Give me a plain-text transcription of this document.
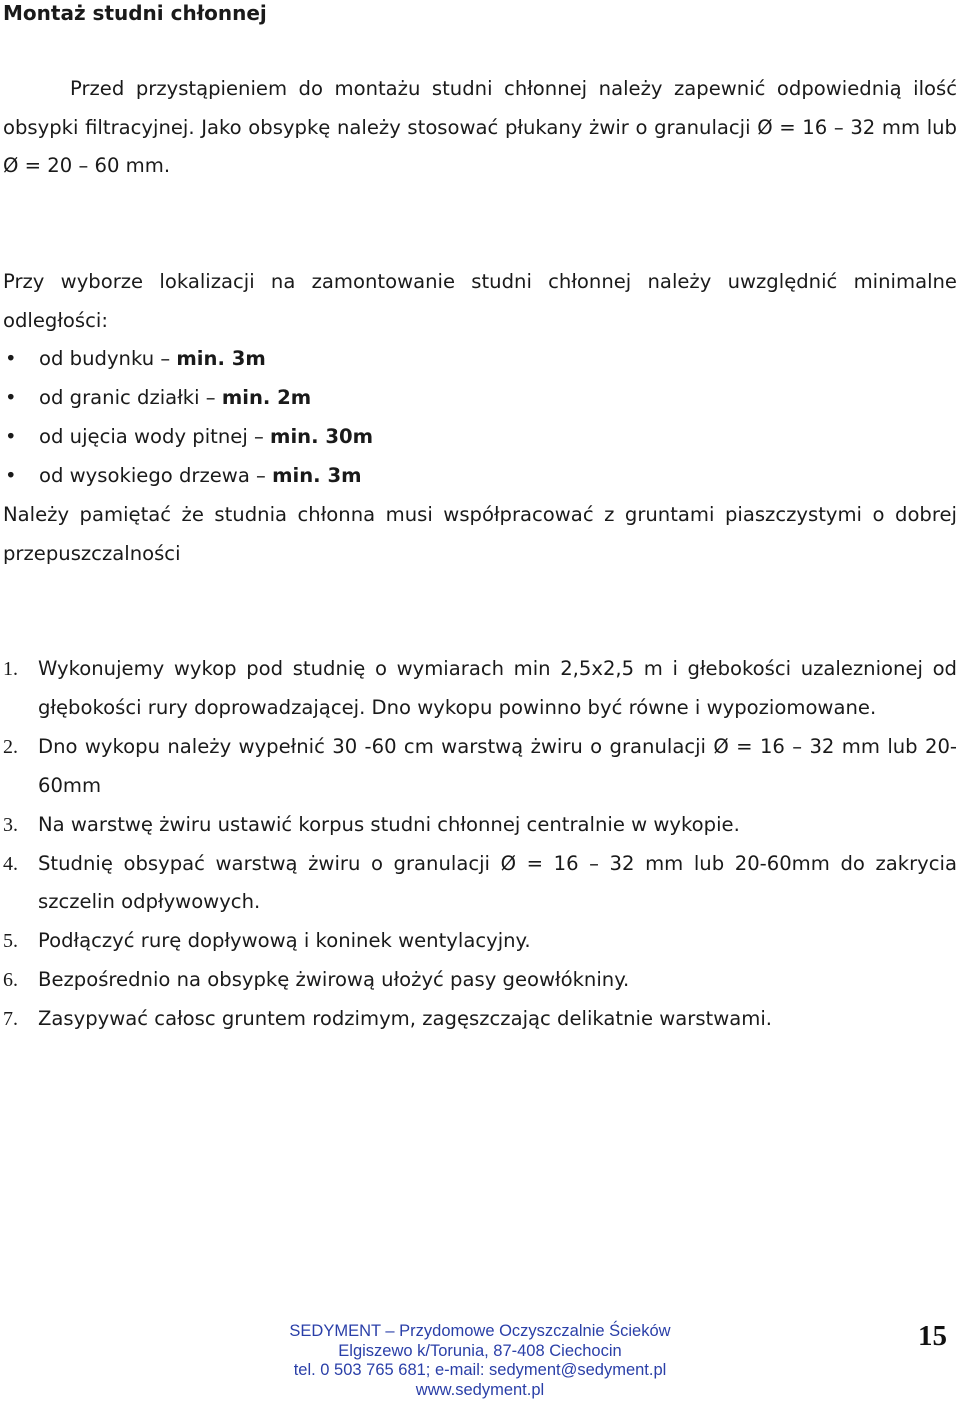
Montaż studni chłonnej
Przed przystąpieniem do montażu studni chłonnej należy zapewnić odpowiednią ilość obsypki filtracyjnej. Jako obsypkę należy stosować płukany żwir o granulacji Ø = 16 – 32 mm lub Ø = 20 – 60 mm.
Przy wyborze lokalizacji na zamontowanie studni chłonnej należy uwzględnić minimalne odległości:
• od budynku – min. 3m
• od granic działki – min. 2m
• od ujęcia wody pitnej – min. 30m
• od wysokiego drzewa – min. 3m
Należy pamiętać że studnia chłonna musi współpracować z gruntami piaszczystymi o dobrej przepuszczalności
1. Wykonujemy wykop pod studnię o wymiarach min 2,5x2,5 m i głebokości uzaleznionej od głębokości rury doprowadzającej. Dno wykopu powinno być równe i wypoziomowane.
2. Dno wykopu należy wypełnić 30 -60 cm warstwą żwiru o granulacji Ø = 16 – 32 mm lub 20-60mm
3. Na warstwę żwiru ustawić korpus studni chłonnej centralnie w wykopie.
4. Studnię obsypać warstwą żwiru o granulacji Ø = 16 – 32 mm lub 20-60mm do zakrycia szczelin odpływowych.
5. Podłączyć rurę dopływową i koninek wentylacyjny.
6. Bezpośrednio na obsypkę żwirową ułożyć pasy geowłókniny.
7. Zasypywać całosc gruntem rodzimym, zagęszczając delikatnie warstwami.
SEDYMENT – Przydomowe Oczyszczalnie Ścieków
Elgiszewo k/Torunia, 87-408 Ciechocin
tel. 0 503 765 681; e-mail: sedyment@sedyment.pl
www.sedyment.pl
15
